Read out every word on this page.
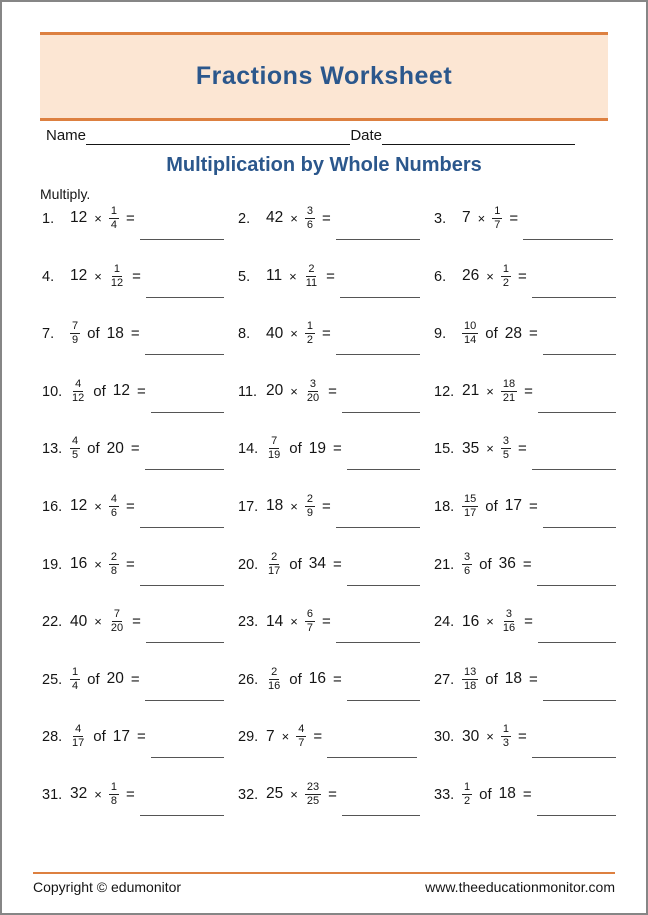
Fractions Worksheet
Name	Date
Multiplication by Whole Numbers
Multiply.
1.	$12 \times \frac{1}{4}$ =	2.	$42 \times \frac{3}{6}$ =	3.	$7 \times \frac{1}{7}$ =
4.	$12 \times \frac{1}{12}$ =	5.	$11 \times \frac{2}{11}$ =	6.	$26 \times \frac{1}{2}$ =
7.	$\frac{7}{9}$ of 18 =	8.	$40 \times \frac{1}{2}$ =	9.	$\frac{10}{14}$ of 28 =
10. $\frac{4}{12}$ of 12 =	11. $20 \times \frac{3}{20}$ =	12. $21 \times \frac{18}{21}$ =
13. $\frac{4}{5}$ of 20 =	14. $\frac{7}{19}$ of 19 =	15. $35 \times \frac{3}{5}$ =
16. $12 \times \frac{4}{6}$ =	17. $18 \times \frac{2}{9}$ =	18. $\frac{15}{17}$ of 17 =
19. $16 \times \frac{2}{8}$ =	20. $\frac{2}{17}$ of 34 =	21. $\frac{3}{6}$ of 36 =
22. $40 \times \frac{7}{20}$ =	23. $14 \times \frac{6}{7}$ =	24. $16 \times \frac{3}{16}$ =
25. $\frac{1}{4}$ of 20 =	26. $\frac{2}{16}$ of 16 =	27. $\frac{13}{18}$ of 18 =
28. $\frac{4}{17}$ of 17 =	29. $7 \times \frac{4}{7}$ =	30. $30 \times \frac{1}{3}$ =
31. $32 \times \frac{1}{8}$ =	32. $25 \times \frac{23}{25}$ =	33. $\frac{1}{2}$ of 18 =
Copyright © edumonitor	www.theeducationmonitor.com
